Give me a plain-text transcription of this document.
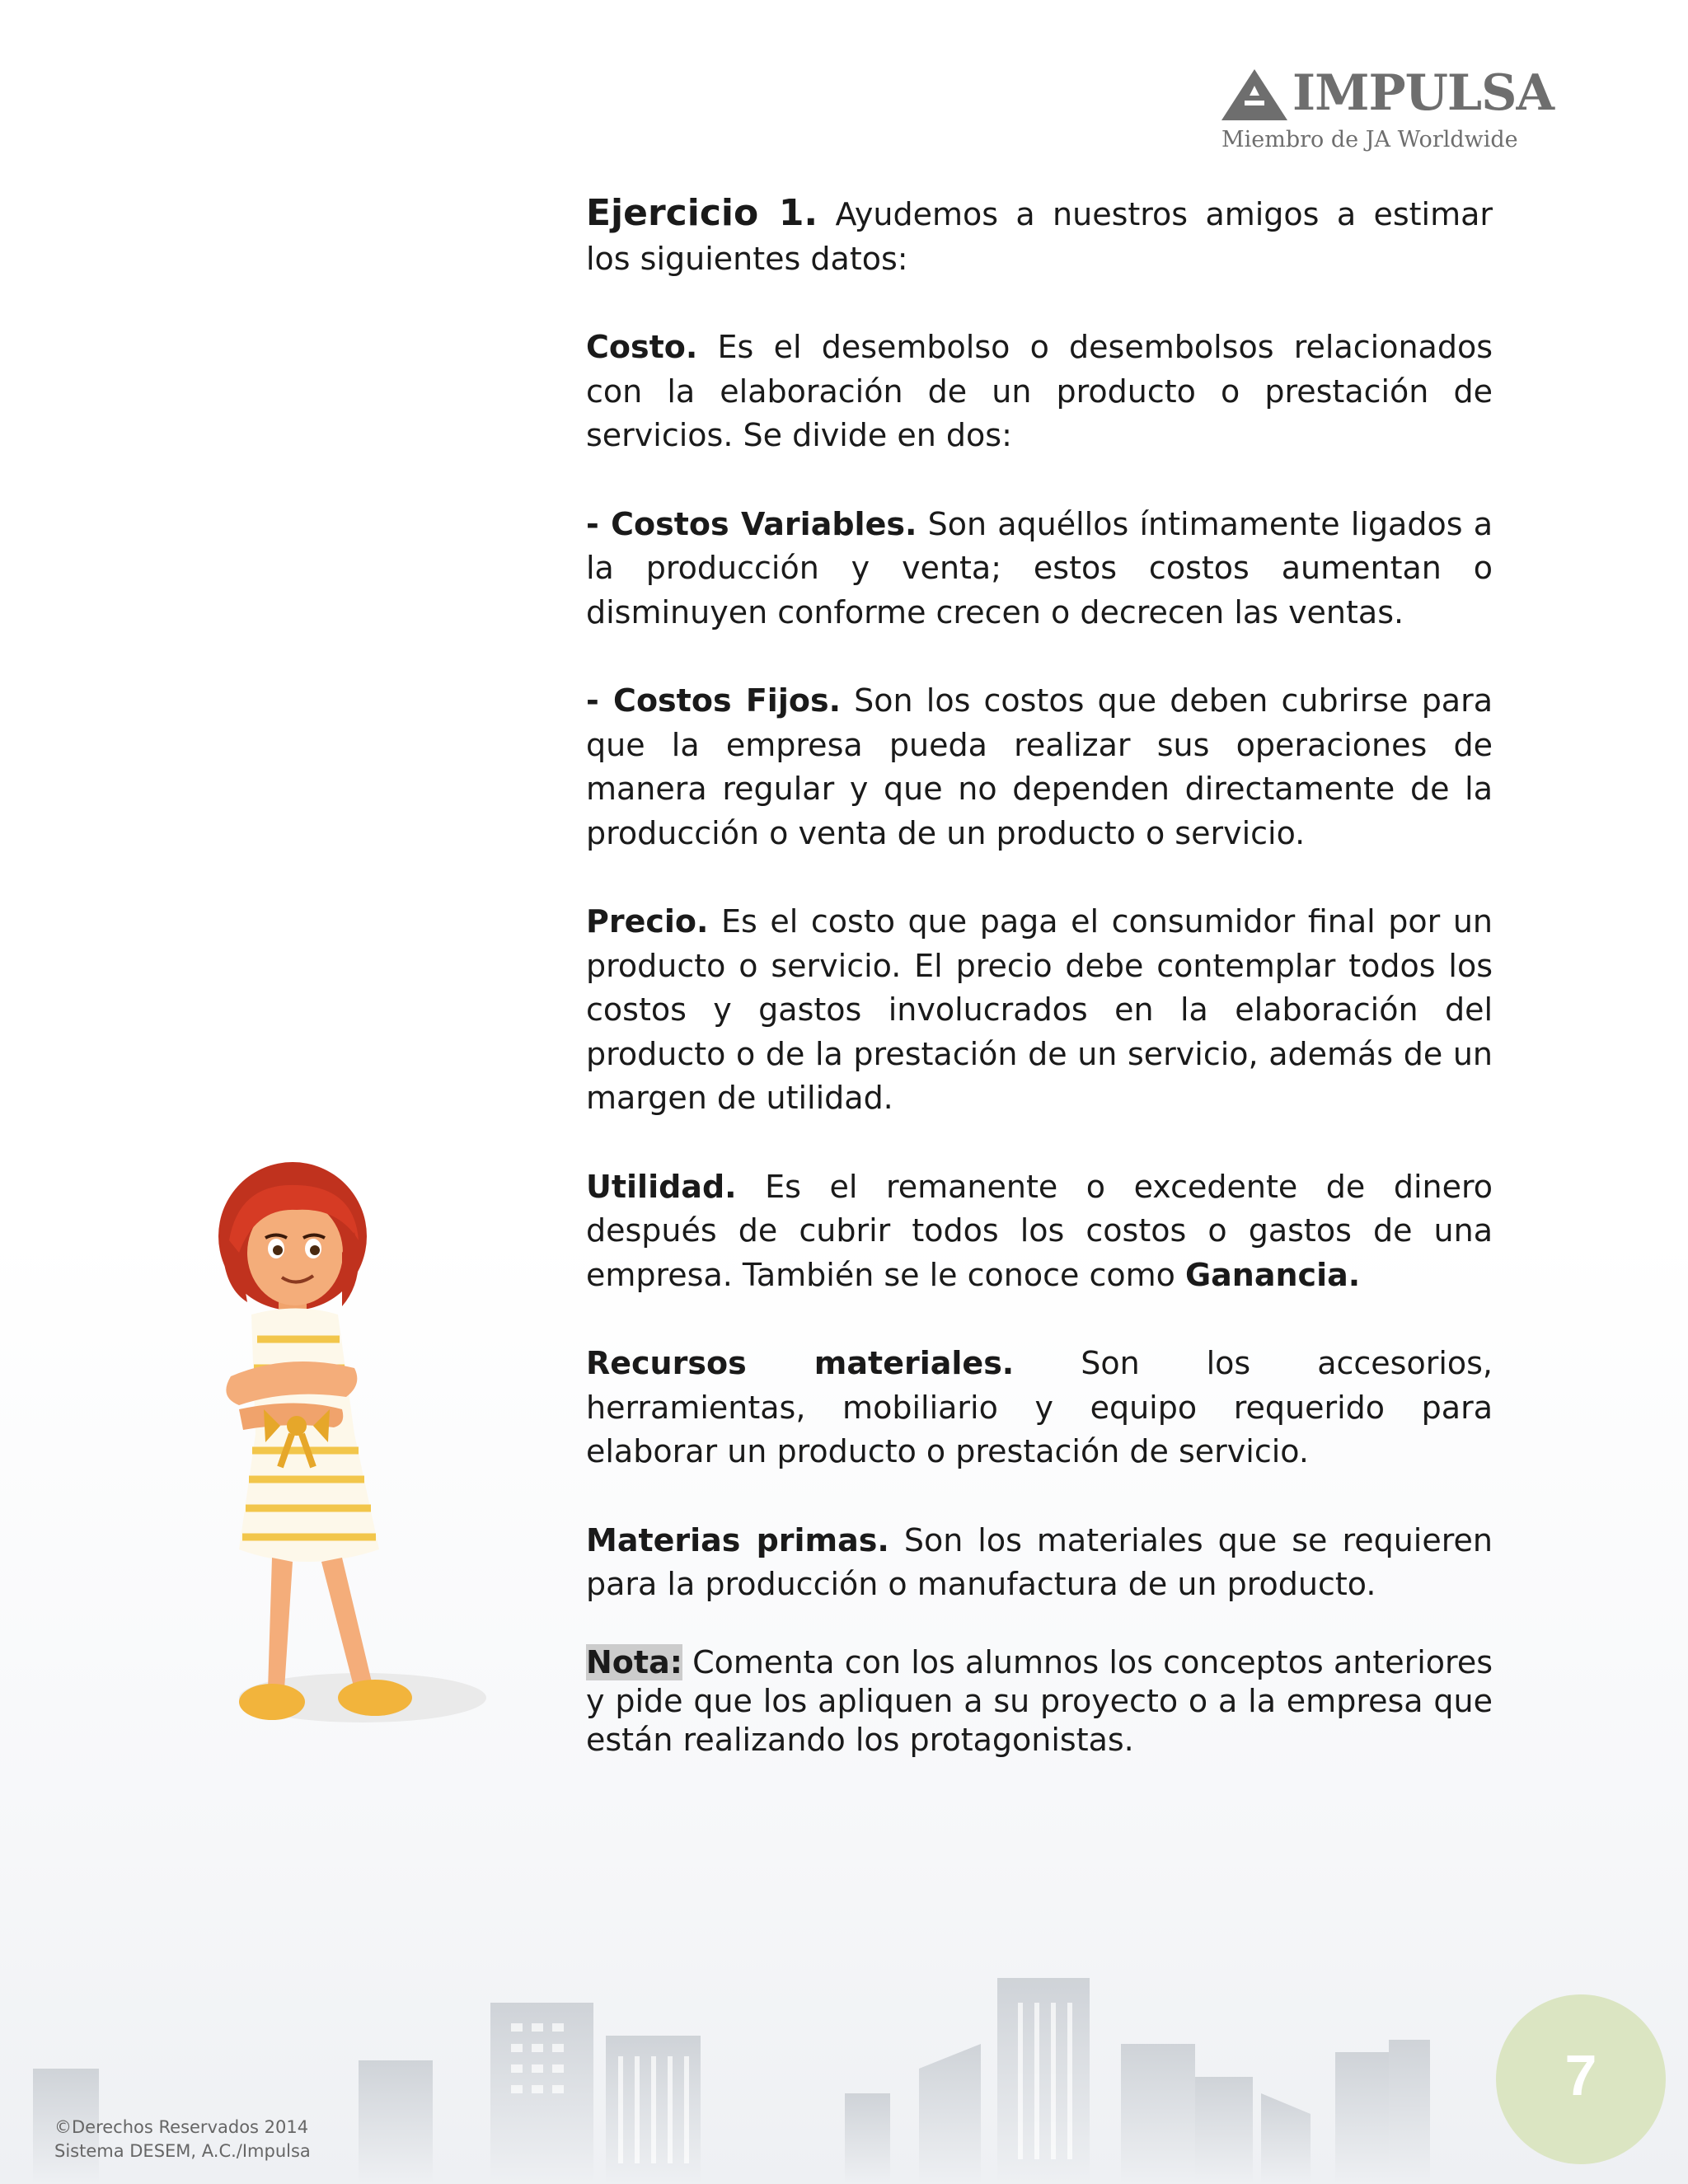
IMPULSA
Miembro de JA Worldwide

Ejercicio 1. Ayudemos a nuestros amigos a estimar los siguientes datos:

Costo. Es el desembolso o desembolsos relacionados con la elaboración de un producto o prestación de servicios. Se divide en dos:

- Costos Variables. Son aquéllos íntimamente ligados a la producción y venta; estos costos aumentan o disminuyen conforme crecen o decrecen las ventas.

- Costos Fijos. Son los costos que deben cubrirse para que la empresa pueda realizar sus operaciones de manera regular y que no dependen directamente de la producción o venta de un producto o servicio.

Precio. Es el costo que paga el consumidor final por un producto o servicio. El precio debe contemplar todos los costos y gastos involucrados en la elaboración del producto o de la prestación de un servicio, además de un margen de utilidad.

Utilidad. Es el remanente o excedente de dinero después de cubrir todos los costos o gastos de una empresa. También se le conoce como Ganancia.

Recursos materiales. Son los accesorios, herramientas, mobiliario y equipo requerido para elaborar un producto o prestación de servicio.

Materias primas. Son los materiales que se requieren para la producción o manufactura de un producto.

Nota: Comenta con los alumnos los conceptos anteriores y pide que los apliquen a su proyecto o a la empresa que están realizando los protagonistas.

©Derechos Reservados 2014
Sistema DESEM, A.C./Impulsa
7
